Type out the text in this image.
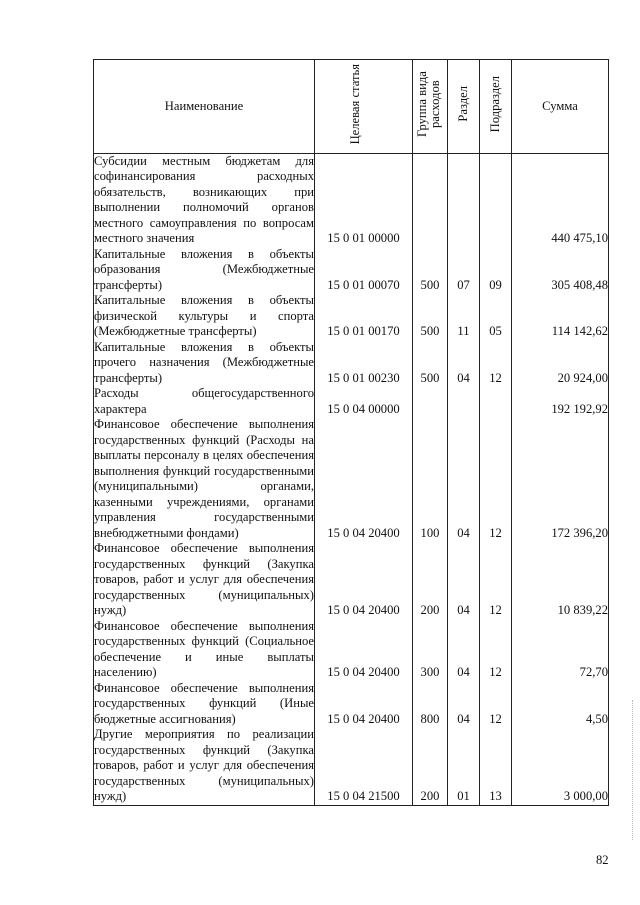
Наименование	Целевая статья	Группа вида расходов	Раздел	Подраздел	Сумма
Субсидии местным бюджетам для софинансирования расходных обязательств, возникающих при выполнении полномочий органов местного самоуправления по вопросам местного значения	15 0 01 00000				440 475,10
Капитальные вложения в объекты образования (Межбюджетные трансферты)	15 0 01 00070	500	07	09	305 408,48
Капитальные вложения в объекты физической культуры и спорта (Межбюджетные трансферты)	15 0 01 00170	500	11	05	114 142,62
Капитальные вложения в объекты прочего назначения (Межбюджетные трансферты)	15 0 01 00230	500	04	12	20 924,00
Расходы общегосударственного характера	15 0 04 00000				192 192,92
Финансовое обеспечение выполнения государственных функций (Расходы на выплаты персоналу в целях обеспечения выполнения функций государственными (муниципальными) органами, казенными учреждениями, органами управления государственными внебюджетными фондами)	15 0 04 20400	100	04	12	172 396,20
Финансовое обеспечение выполнения государственных функций (Закупка товаров, работ и услуг для обеспечения государственных (муниципальных) нужд)	15 0 04 20400	200	04	12	10 839,22
Финансовое обеспечение выполнения государственных функций (Социальное обеспечение и иные выплаты населению)	15 0 04 20400	300	04	12	72,70
Финансовое обеспечение выполнения государственных функций (Иные бюджетные ассигнования)	15 0 04 20400	800	04	12	4,50
Другие мероприятия по реализации государственных функций (Закупка товаров, работ и услуг для обеспечения государственных (муниципальных) нужд)	15 0 04 21500	200	01	13	3 000,00
82
